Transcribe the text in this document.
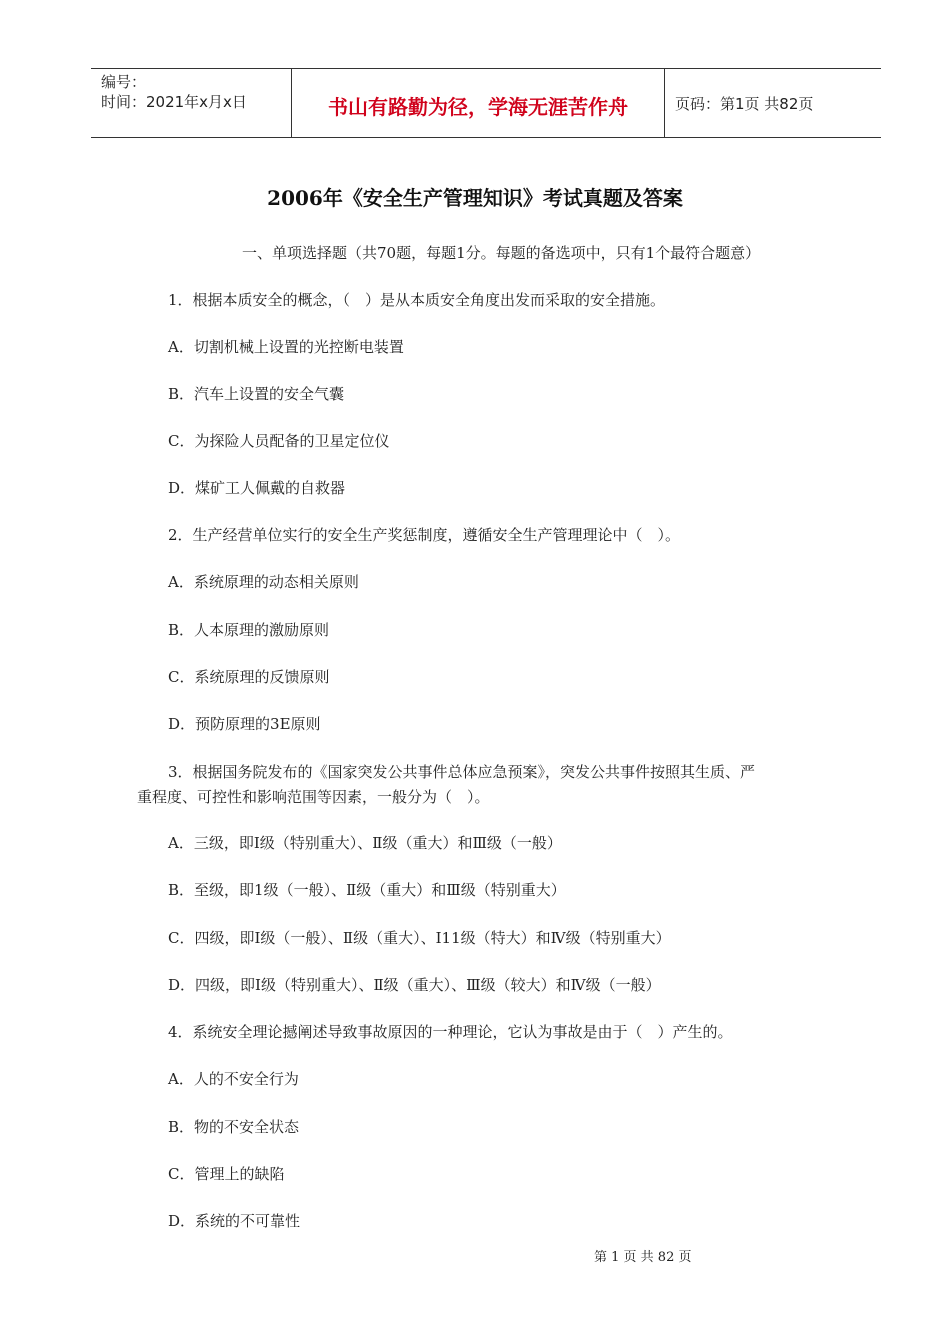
编号：
时间：2021年x月x日	书山有路勤为径，学海无涯苦作舟	页码：第1页 共82页
2006年《安全生产管理知识》考试真题及答案
一、单项选择题（共70题，每题1分。每题的备选项中，只有1个最符合题意）
1．根据本质安全的概念，（　）是从本质安全角度出发而采取的安全措施。
A．切割机械上设置的光控断电装置
B．汽车上设置的安全气囊
C．为探险人员配备的卫星定位仪
D．煤矿工人佩戴的自救器
2．生产经营单位实行的安全生产奖惩制度，遵循安全生产管理理论中（　）。
A．系统原理的动态相关原则
B．人本原理的激励原则
C．系统原理的反馈原则
D．预防原理的3E原则
3．根据国务院发布的《国家突发公共事件总体应急预案》，突发公共事件按照其生质、严
重程度、可控性和影响范围等因素，一般分为（　）。
A．三级，即Ⅰ级（特别重大）、Ⅱ级（重大）和Ⅲ级（一般）
B．至级，即1级（一般）、Ⅱ级（重大）和Ⅲ级（特别重大）
C．四级，即Ⅰ级（一般）、Ⅱ级（重大）、I11级（特大）和Ⅳ级（特别重大）
D．四级，即Ⅰ级（特别重大）、Ⅱ级（重大）、Ⅲ级（较大）和Ⅳ级（一般）
4．系统安全理论撼阐述导致事故原因的一种理论，它认为事故是由于（　）产生的。
A．人的不安全行为
B．物的不安全状态
C．管理上的缺陷
D．系统的不可靠性
第 1 页 共 82 页
